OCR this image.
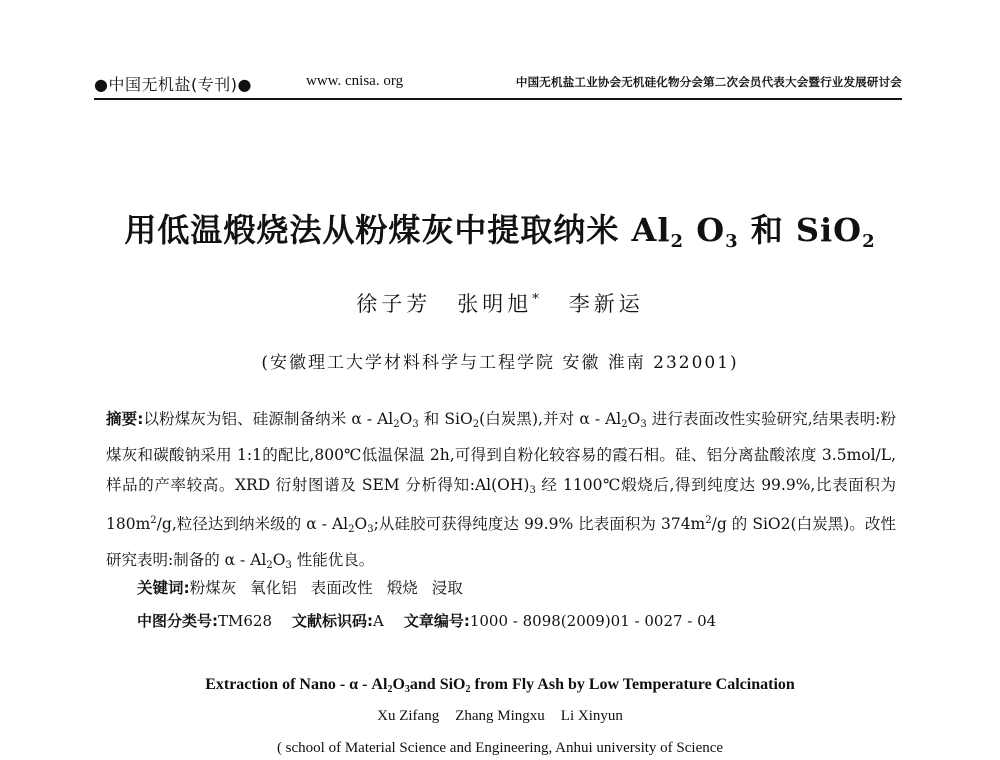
●中国无机盐(专刊)●	www. cnisa. org	中国无机盐工业协会无机硅化物分会第二次会员代表大会暨行业发展研讨会
用低温煅烧法从粉煤灰中提取纳米 $Al_2$ $O_3$ 和 SiO$_2$
徐子芳 张明旭* 李新运
(安徽理工大学材料科学与工程学院 安徽 淮南 232001)
摘要:以粉煤灰为铝、硅源制备纳米 α - $Al_2O_3$ 和 SiO$_2$(白炭黑),并对 α - $Al_2O_3$ 进行表面改性实验研究,结果表明:粉煤灰和碳酸钠采用 1:1的配比,800℃低温保温 2h,可得到自粉化较容易的霞石相。硅、铝分离盐酸浓度 3.5mol/L,样品的产率较高。XRD 衍射图谱及 SEM 分析得知$:Al(OH)_3$ 经 1100℃煅烧后,得到纯度达 99.9%,比表面积为 $180m^2/g$,粒径达到纳米级的 α - $Al_2O_3$;从硅胶可获得纯度达 99.9% 比表面积为 $374m^2/g$ 的 SiO2(白炭黑)。改性研究表明:制备的 α - $Al_2O_3$ 性能优良。
关键词:粉煤灰 氧化铝 表面改性 煅烧 浸取
中图分类号:TM628 文献标识码:A 文章编号:1000 - 8098(2009)01 - 0027 - 04
Extraction of Nano - α - $Al_2O_3and$ SiO$_2$ from Fly Ash by Low Temperature Calcination
Xu Zifang Zhang Mingxu Li Xinyun
( school of Material Science and Engineering, Anhui university of Science
